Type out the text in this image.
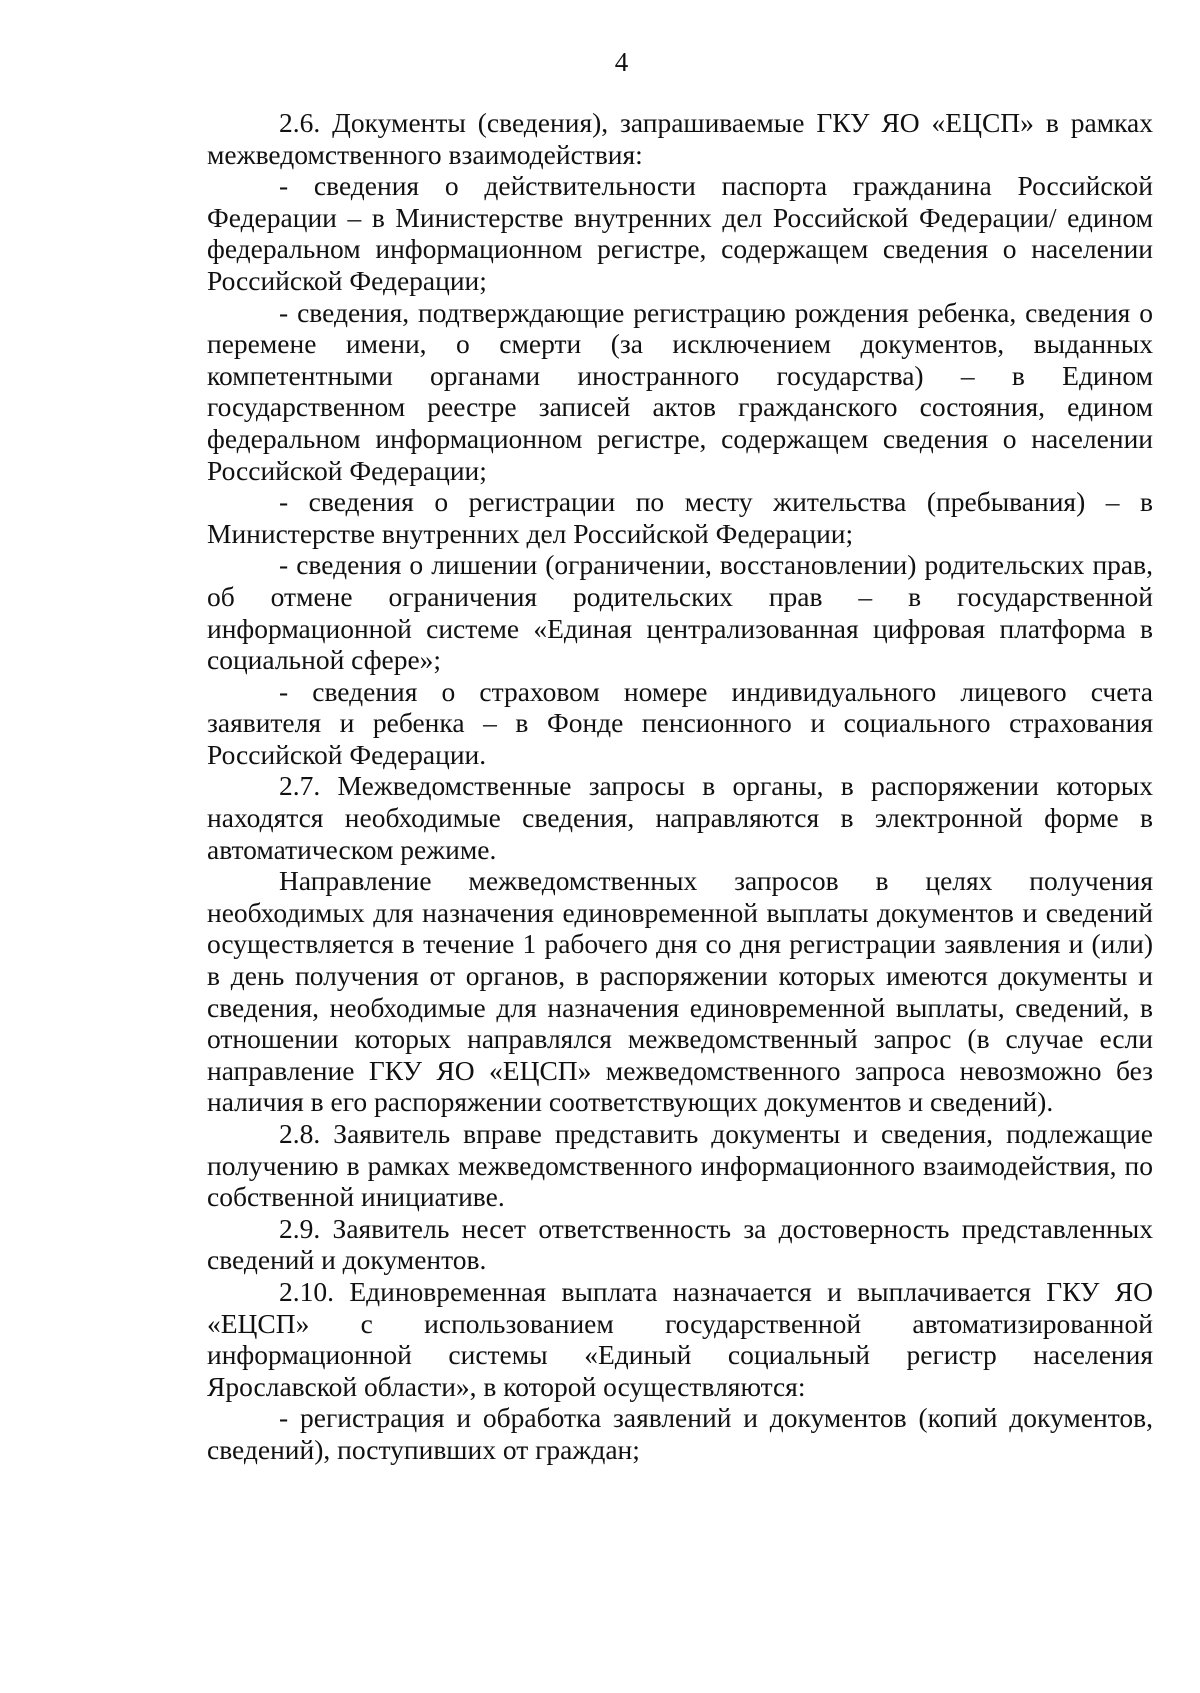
4

2.6. Документы (сведения), запрашиваемые ГКУ ЯО «ЕЦСП» в рамках межведомственного взаимодействия:

- сведения о действительности паспорта гражданина Российской Федерации – в Министерстве внутренних дел Российской Федерации/ едином федеральном информационном регистре, содержащем сведения о населении Российской Федерации;

- сведения, подтверждающие регистрацию рождения ребенка, сведения о перемене имени, о смерти (за исключением документов, выданных компетентными органами иностранного государства) – в Едином государственном реестре записей актов гражданского состояния, едином федеральном информационном регистре, содержащем сведения о населении Российской Федерации;

- сведения о регистрации по месту жительства (пребывания) – в Министерстве внутренних дел Российской Федерации;

- сведения о лишении (ограничении, восстановлении) родительских прав, об отмене ограничения родительских прав – в государственной информационной системе «Единая централизованная цифровая платформа в социальной сфере»;

- сведения о страховом номере индивидуального лицевого счета заявителя и ребенка – в Фонде пенсионного и социального страхования Российской Федерации.

2.7. Межведомственные запросы в органы, в распоряжении которых находятся необходимые сведения, направляются в электронной форме в автоматическом режиме.

Направление межведомственных запросов в целях получения необходимых для назначения единовременной выплаты документов и сведений осуществляется в течение 1 рабочего дня со дня регистрации заявления и (или) в день получения от органов, в распоряжении которых имеются документы и сведения, необходимые для назначения единовременной выплаты, сведений, в отношении которых направлялся межведомственный запрос (в случае если направление ГКУ ЯО «ЕЦСП» межведомственного запроса невозможно без наличия в его распоряжении соответствующих документов и сведений).

2.8. Заявитель вправе представить документы и сведения, подлежащие получению в рамках межведомственного информационного взаимодействия, по собственной инициативе.

2.9. Заявитель несет ответственность за достоверность представленных сведений и документов.

2.10. Единовременная выплата назначается и выплачивается ГКУ ЯО «ЕЦСП» с использованием государственной автоматизированной информационной системы «Единый социальный регистр населения Ярославской области», в которой осуществляются:

- регистрация и обработка заявлений и документов (копий документов, сведений), поступивших от граждан;
